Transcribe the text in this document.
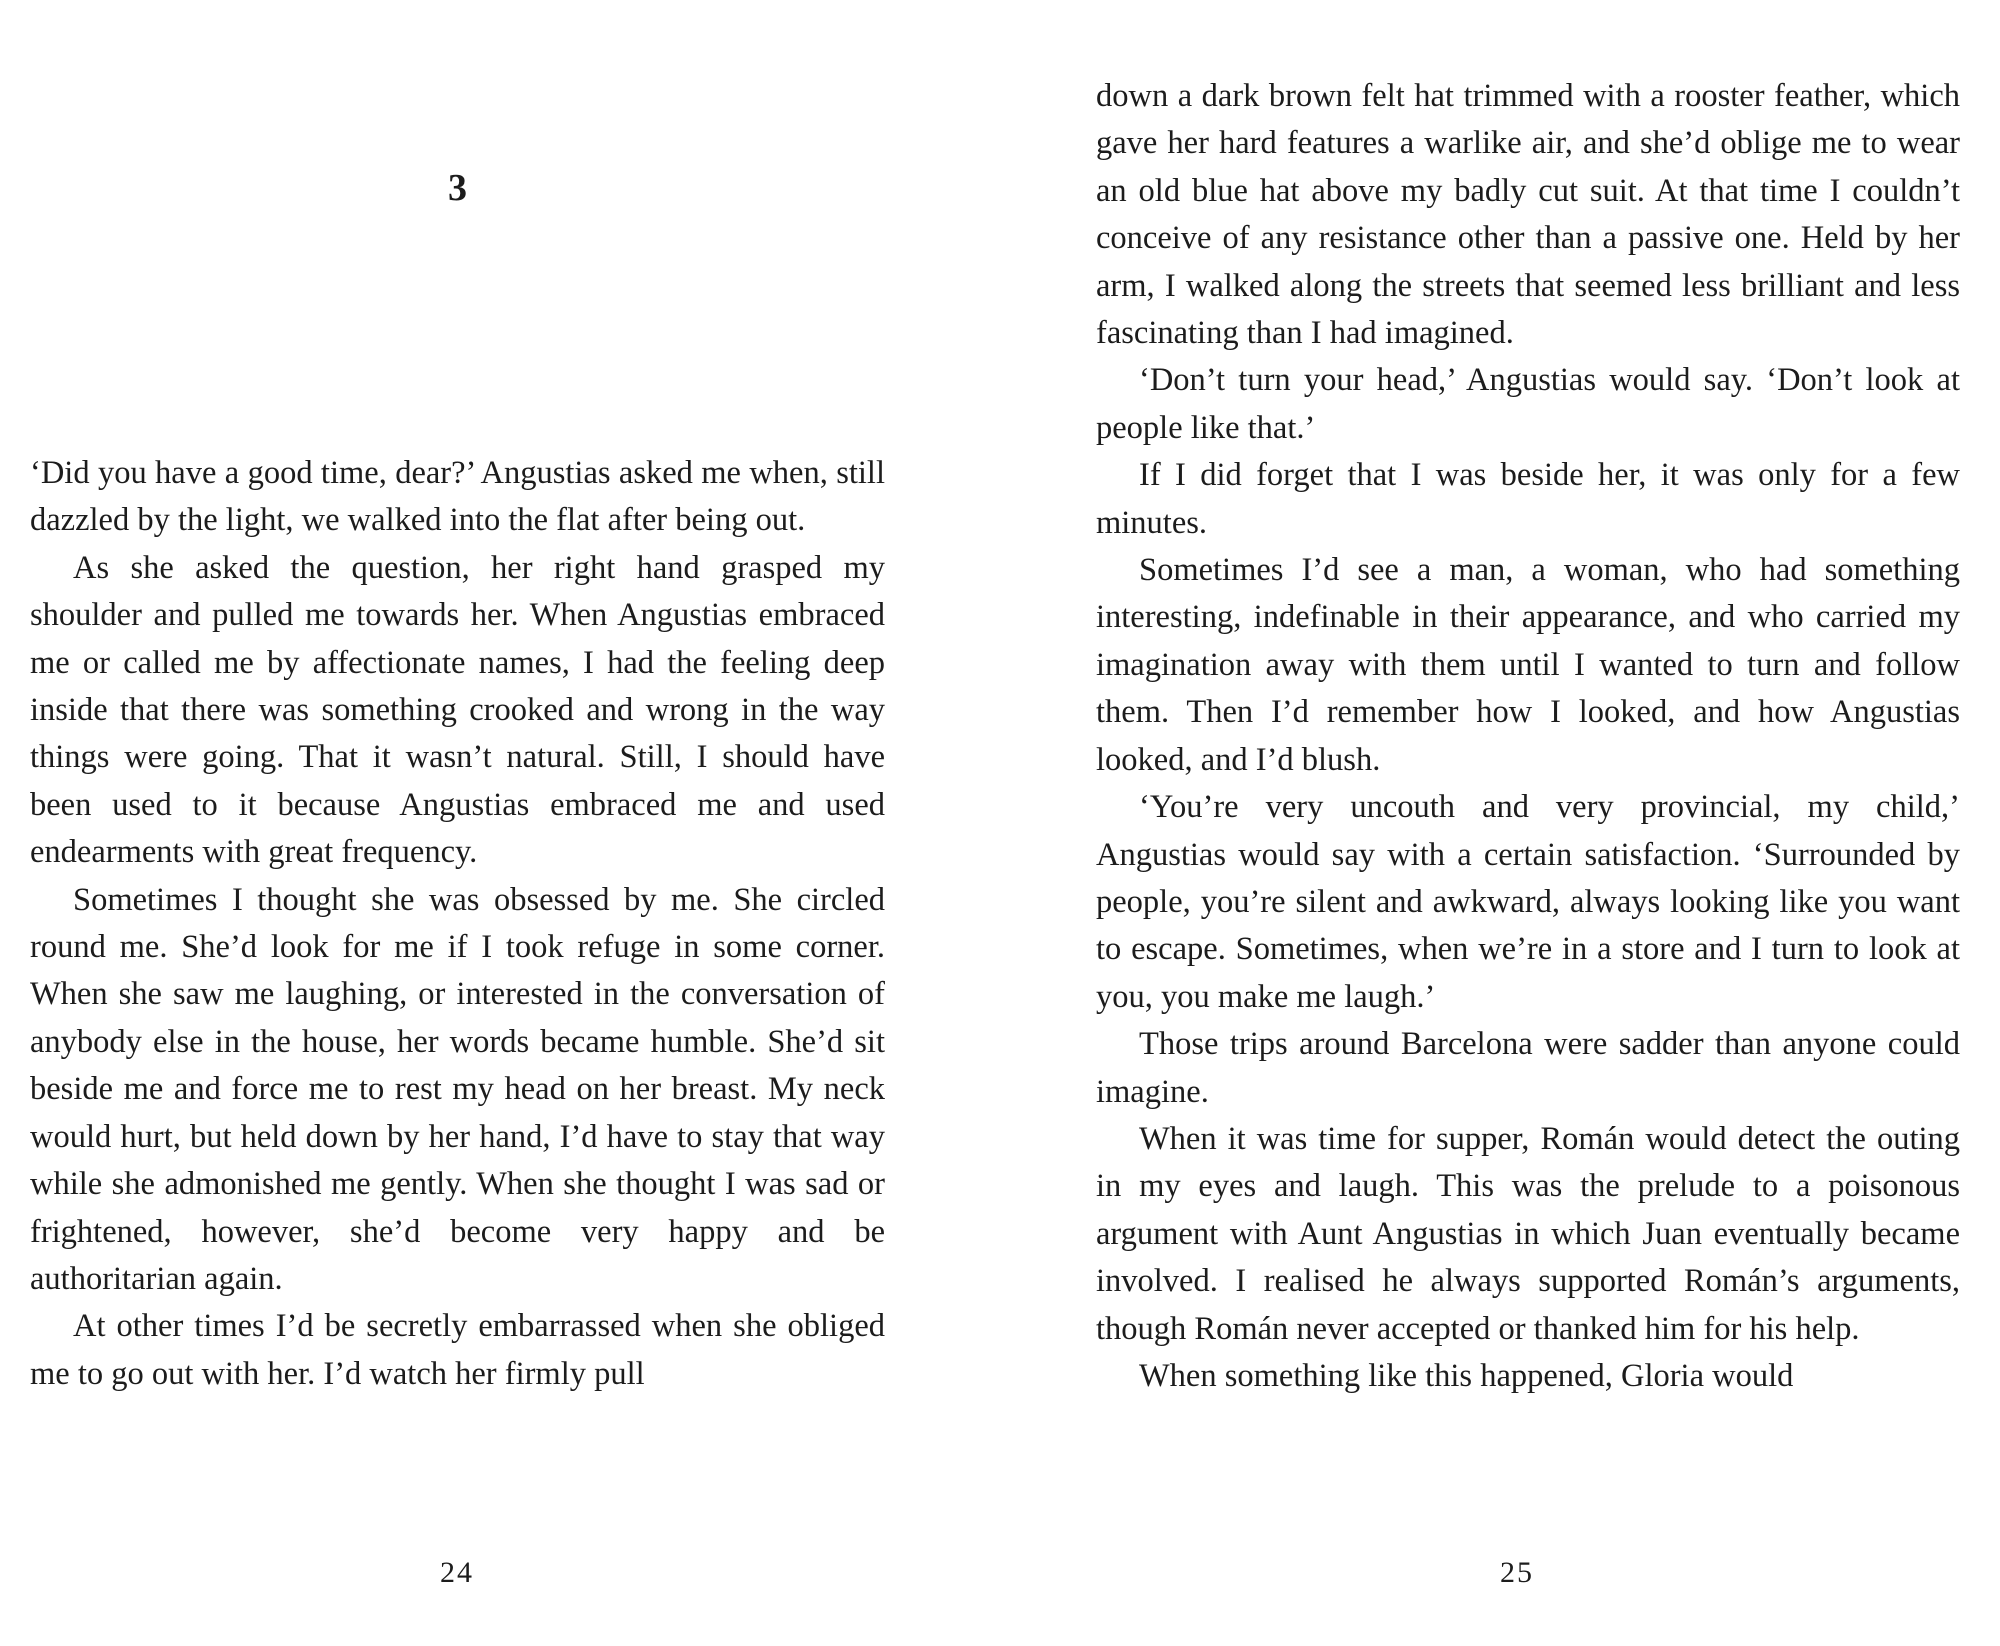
3

‘Did you have a good time, dear?’ Angustias asked me when, still dazzled by the light, we walked into the flat after being out.

As she asked the question, her right hand grasped my shoulder and pulled me towards her. When Angustias embraced me or called me by affectionate names, I had the feeling deep inside that there was something crooked and wrong in the way things were going. That it wasn’t natural. Still, I should have been used to it because Angustias embraced me and used endearments with great frequency.

Sometimes I thought she was obsessed by me. She circled round me. She’d look for me if I took refuge in some corner. When she saw me laughing, or interested in the conversation of anybody else in the house, her words became humble. She’d sit beside me and force me to rest my head on her breast. My neck would hurt, but held down by her hand, I’d have to stay that way while she admonished me gently. When she thought I was sad or frightened, however, she’d become very happy and be authoritarian again.

At other times I’d be secretly embarrassed when she obliged me to go out with her. I’d watch her firmly pull

24

down a dark brown felt hat trimmed with a rooster feather, which gave her hard features a warlike air, and she’d oblige me to wear an old blue hat above my badly cut suit. At that time I couldn’t conceive of any resistance other than a passive one. Held by her arm, I walked along the streets that seemed less brilliant and less fascinating than I had imagined.

‘Don’t turn your head,’ Angustias would say. ‘Don’t look at people like that.’

If I did forget that I was beside her, it was only for a few minutes.

Sometimes I’d see a man, a woman, who had something interesting, indefinable in their appearance, and who carried my imagination away with them until I wanted to turn and follow them. Then I’d remember how I looked, and how Angustias looked, and I’d blush.

‘You’re very uncouth and very provincial, my child,’ Angustias would say with a certain satisfaction. ‘Surrounded by people, you’re silent and awkward, always looking like you want to escape. Sometimes, when we’re in a store and I turn to look at you, you make me laugh.’

Those trips around Barcelona were sadder than anyone could imagine.

When it was time for supper, Román would detect the outing in my eyes and laugh. This was the prelude to a poisonous argument with Aunt Angustias in which Juan eventually became involved. I realised he always supported Román’s arguments, though Román never accepted or thanked him for his help.

When something like this happened, Gloria would

25
